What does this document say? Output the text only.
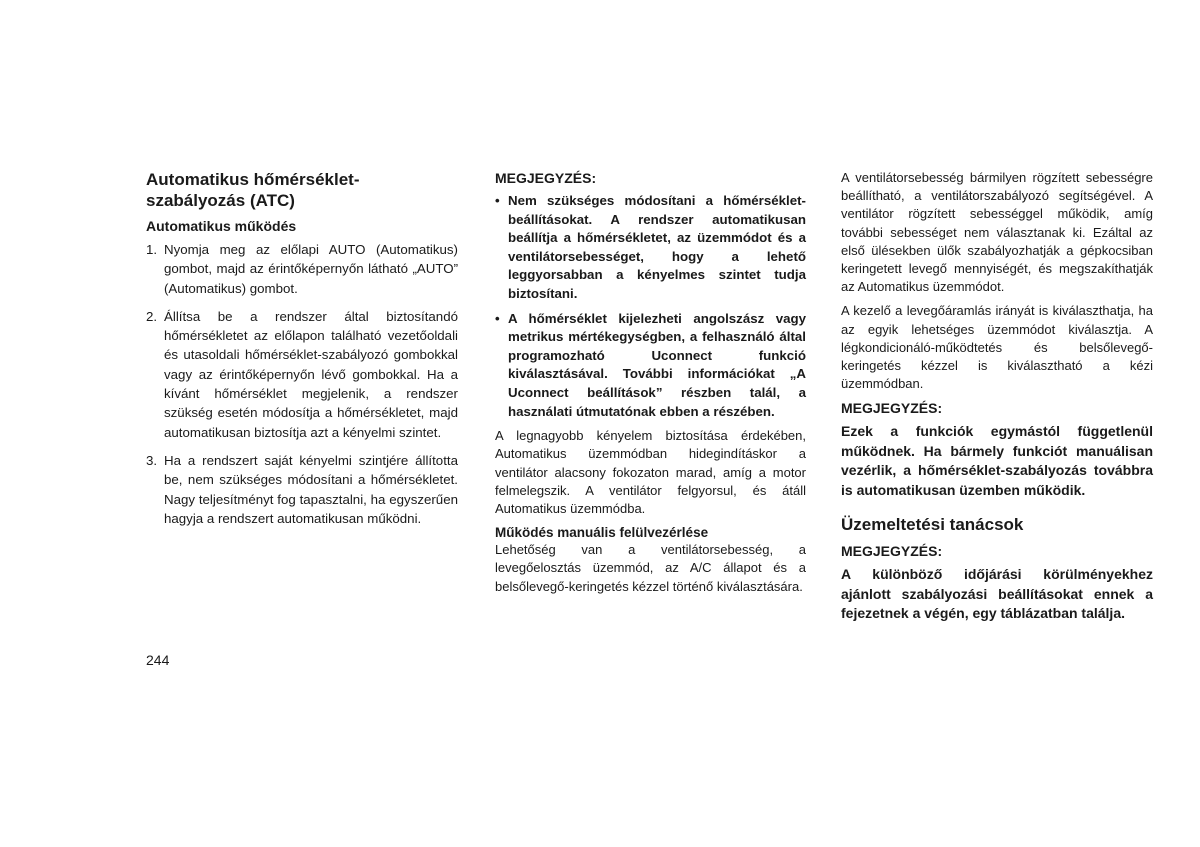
Automatikus hőmérséklet-szabályozás (ATC)
Automatikus működés
1. Nyomja meg az előlapi AUTO (Automatikus) gombot, majd az érintőképernyőn látható „AUTO” (Automatikus) gombot.
2. Állítsa be a rendszer által biztosítandó hőmérsékletet az előlapon található vezetőoldali és utasoldali hőmérséklet-szabályozó gombokkal vagy az érintőképernyőn lévő gombokkal. Ha a kívánt hőmérséklet megjelenik, a rendszer szükség esetén módosítja a hőmérsékletet, majd automatikusan biztosítja azt a kényelmi szintet.
3. Ha a rendszert saját kényelmi szintjére állította be, nem szükséges módosítani a hőmérsékletet. Nagy teljesítményt fog tapasztalni, ha egyszerűen hagyja a rendszert automatikusan működni.
MEGJEGYZÉS:
• Nem szükséges módosítani a hőmérséklet-beállításokat. A rendszer automatikusan beállítja a hőmérsékletet, az üzemmódot és a ventilátorsebességet, hogy a lehető leggyorsabban a kényelmes szintet tudja biztosítani.
• A hőmérséklet kijelezheti angolszász vagy metrikus mértékegységben, a felhasználó által programozható Uconnect funkció kiválasztásával. További információkat „A Uconnect beállítások” részben talál, a használati útmutatónak ebben a részében.

A legnagyobb kényelem biztosítása érdekében, Automatikus üzemmódban hidegindításkor a ventilátor alacsony fokozaton marad, amíg a motor felmelegszik. A ventilátor felgyorsul, és átáll Automatikus üzemmódba.

Működés manuális felülvezérlése

Lehetőség van a ventilátorsebesség, a levegőelosztás üzemmód, az A/C állapot és a belsőlevegő-keringetés kézzel történő kiválasztására.

A ventilátorsebesség bármilyen rögzített sebességre beállítható, a ventilátorszabályozó segítségével. A ventilátor rögzített sebességgel működik, amíg további sebességet nem választanak ki. Ezáltal az első ülésekben ülők szabályozhatják a gépkocsiban keringetett levegő mennyiségét, és megszakíthatják az Automatikus üzemmódot.

A kezelő a levegőáramlás irányát is kiválaszthatja, ha az egyik lehetséges üzemmódot kiválasztja. A légkondicionáló-működtetés és belsőlevegő-keringetés kézzel is kiválasztható a kézi üzemmódban.

MEGJEGYZÉS:

Ezek a funkciók egymástól függetlenül működnek. Ha bármely funkciót manuálisan vezérlik, a hőmérséklet-szabályozás továbbra is automatikusan üzemben működik.

Üzemeltetési tanácsok
MEGJEGYZÉS:

A különböző időjárási körülményekhez ajánlott szabályozási beállításokat ennek a fejezetnek a végén, egy táblázatban találja.

244
